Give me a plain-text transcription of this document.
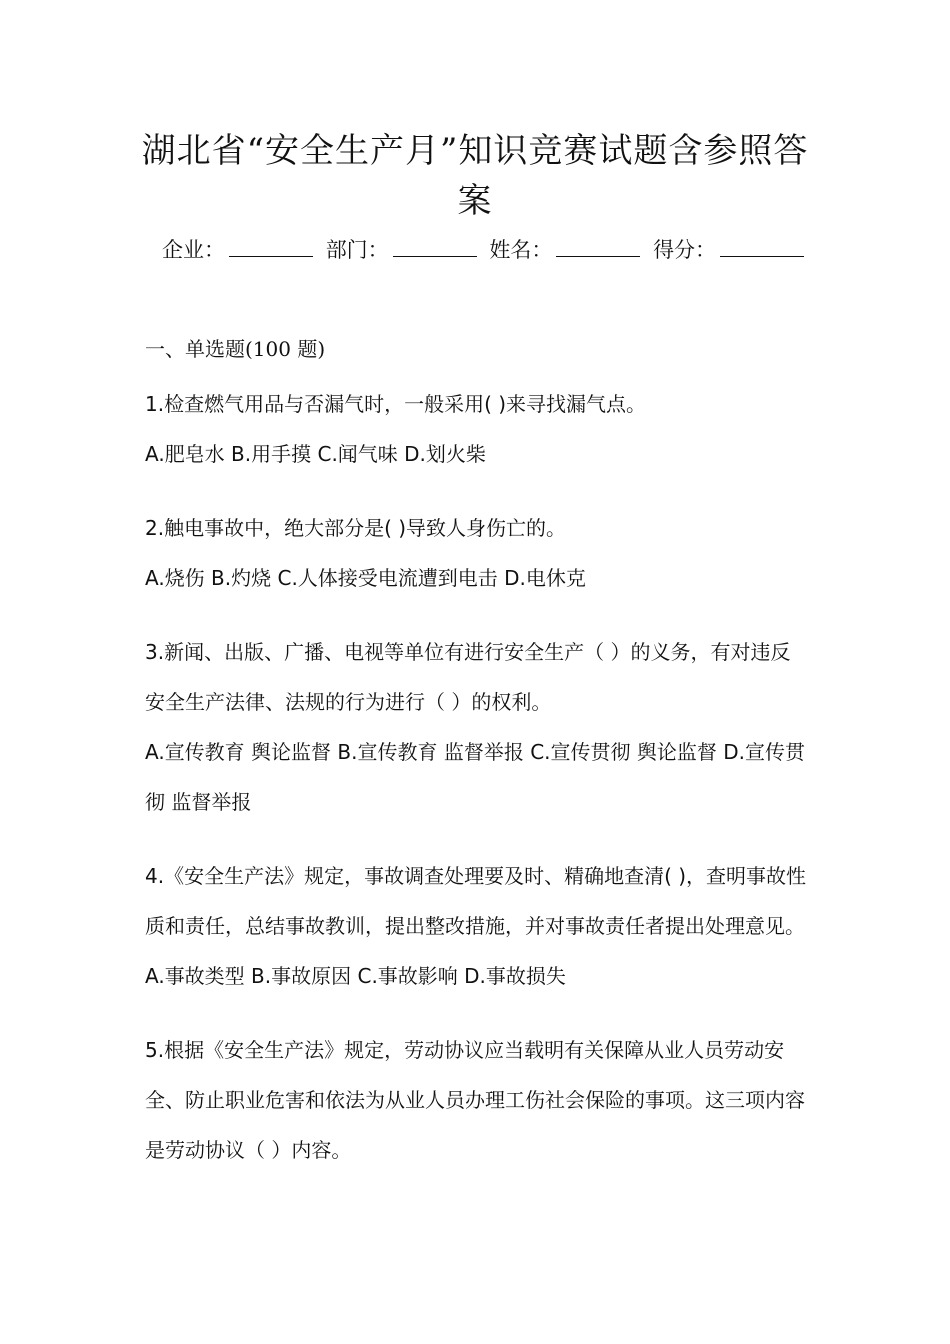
湖北省“安全生产月”知识竞赛试题含参照答案
企业：	部门：	姓名：	得分：
一、单选题(100 题)

1.检查燃气用品与否漏气时，一般采用( )来寻找漏气点。

A.肥皂水 B.用手摸 C.闻气味 D.划火柴

2.触电事故中，绝大部分是( )导致人身伤亡的。

A.烧伤 B.灼烧 C.人体接受电流遭到电击 D.电休克

3.新闻、出版、广播、电视等单位有进行安全生产（ ）的义务，有对违反安全生产法律、法规的行为进行（ ）的权利。

A.宣传教育 舆论监督 B.宣传教育 监督举报 C.宣传贯彻 舆论监督 D.宣传贯彻 监督举报

4.《安全生产法》规定，事故调查处理要及时、精确地查清( )，查明事故性质和责任，总结事故教训，提出整改措施，并对事故责任者提出处理意见。

A.事故类型 B.事故原因 C.事故影响 D.事故损失

5.根据《安全生产法》规定，劳动协议应当载明有关保障从业人员劳动安全、防止职业危害和依法为从业人员办理工伤社会保险的事项。这三项内容是劳动协议（ ）内容。
